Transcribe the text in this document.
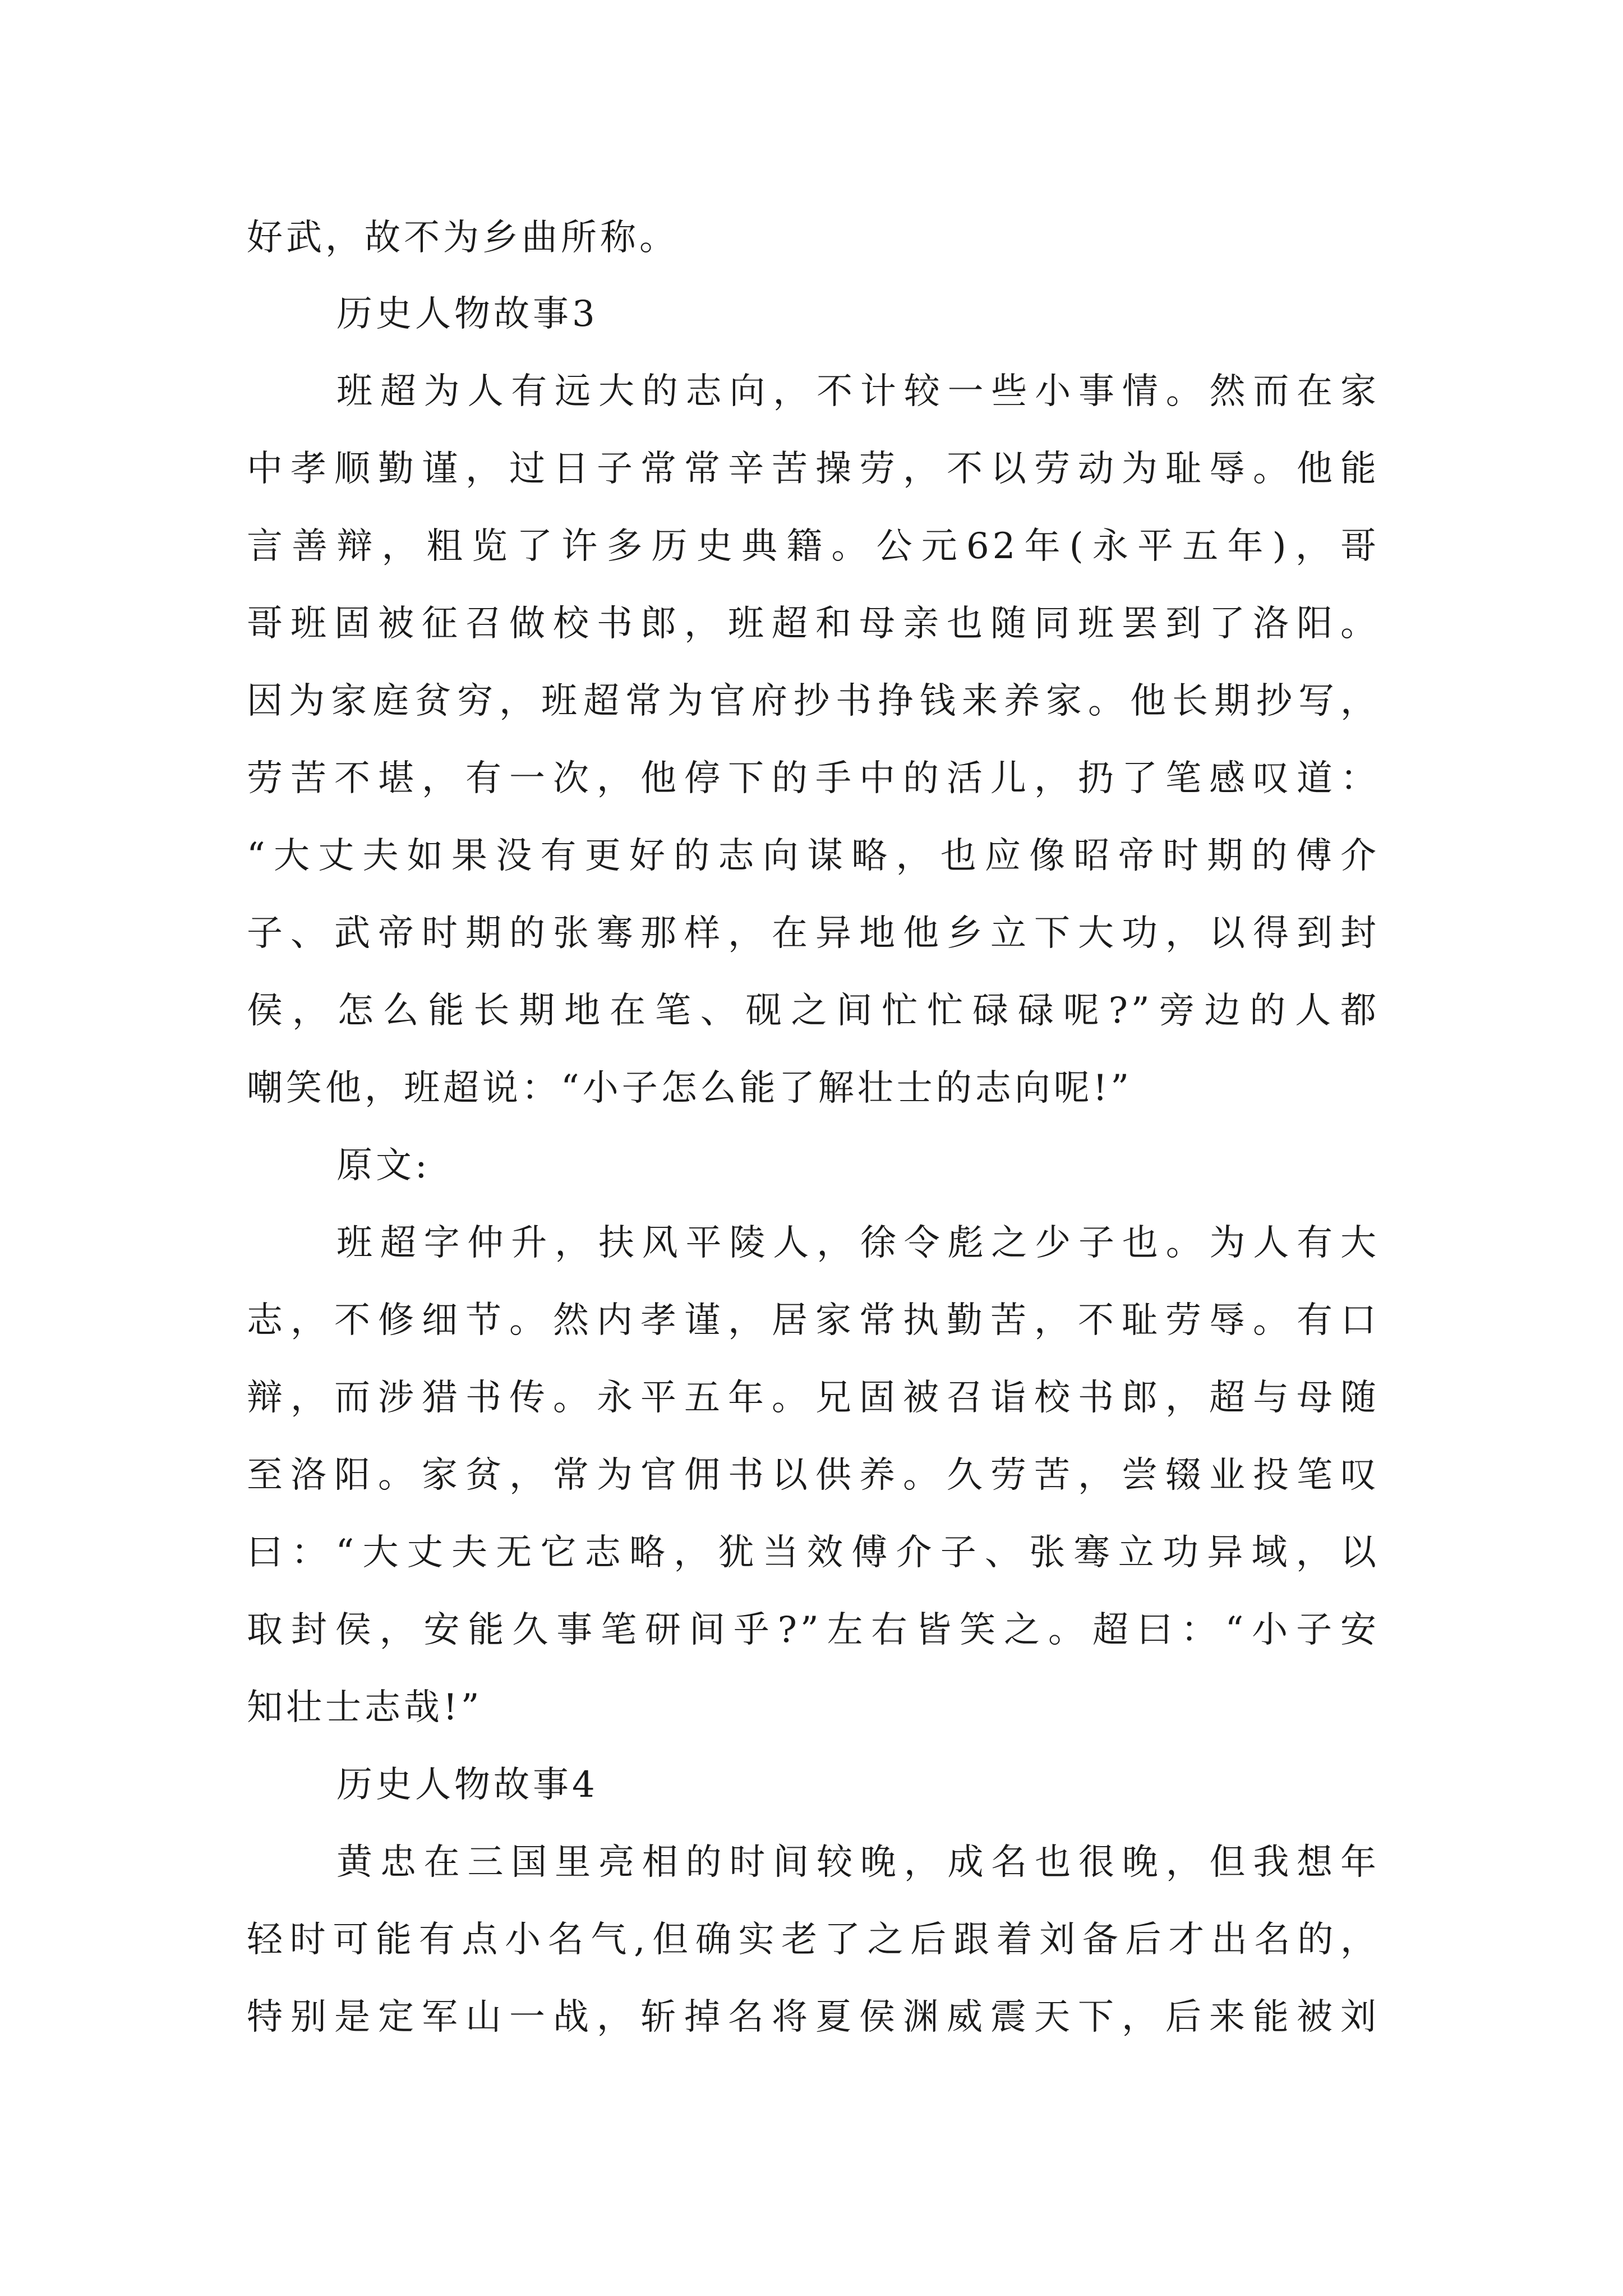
好武，故不为乡曲所称。
历史人物故事3
班超为人有远大的志向，不计较一些小事情。然而在家
中孝顺勤谨，过日子常常辛苦操劳，不以劳动为耻辱。他能
言善辩，粗览了许多历史典籍。公元62年(永平五年)，哥
哥班固被征召做校书郎，班超和母亲也随同班罢到了洛阳。
因为家庭贫穷，班超常为官府抄书挣钱来养家。他长期抄写，
劳苦不堪，有一次，他停下的手中的活儿，扔了笔感叹道：
“大丈夫如果没有更好的志向谋略，也应像昭帝时期的傅介
子、武帝时期的张骞那样，在异地他乡立下大功，以得到封
侯，怎么能长期地在笔、砚之间忙忙碌碌呢?”旁边的人都
嘲笑他，班超说：“小子怎么能了解壮士的志向呢!”
原文:
班超字仲升，扶风平陵人，徐令彪之少子也。为人有大
志，不修细节。然内孝谨，居家常执勤苦，不耻劳辱。有口
辩，而涉猎书传。永平五年。兄固被召诣校书郎，超与母随
至洛阳。家贫，常为官佣书以供养。久劳苦，尝辍业投笔叹
曰：“大丈夫无它志略，犹当效傅介子、张骞立功异域，以
取封侯，安能久事笔研间乎?”左右皆笑之。超曰：“小子安
知壮士志哉!”
历史人物故事4
黄忠在三国里亮相的时间较晚，成名也很晚，但我想年
轻时可能有点小名气,但确实老了之后跟着刘备后才出名的，
特别是定军山一战，斩掉名将夏侯渊威震天下，后来能被刘
